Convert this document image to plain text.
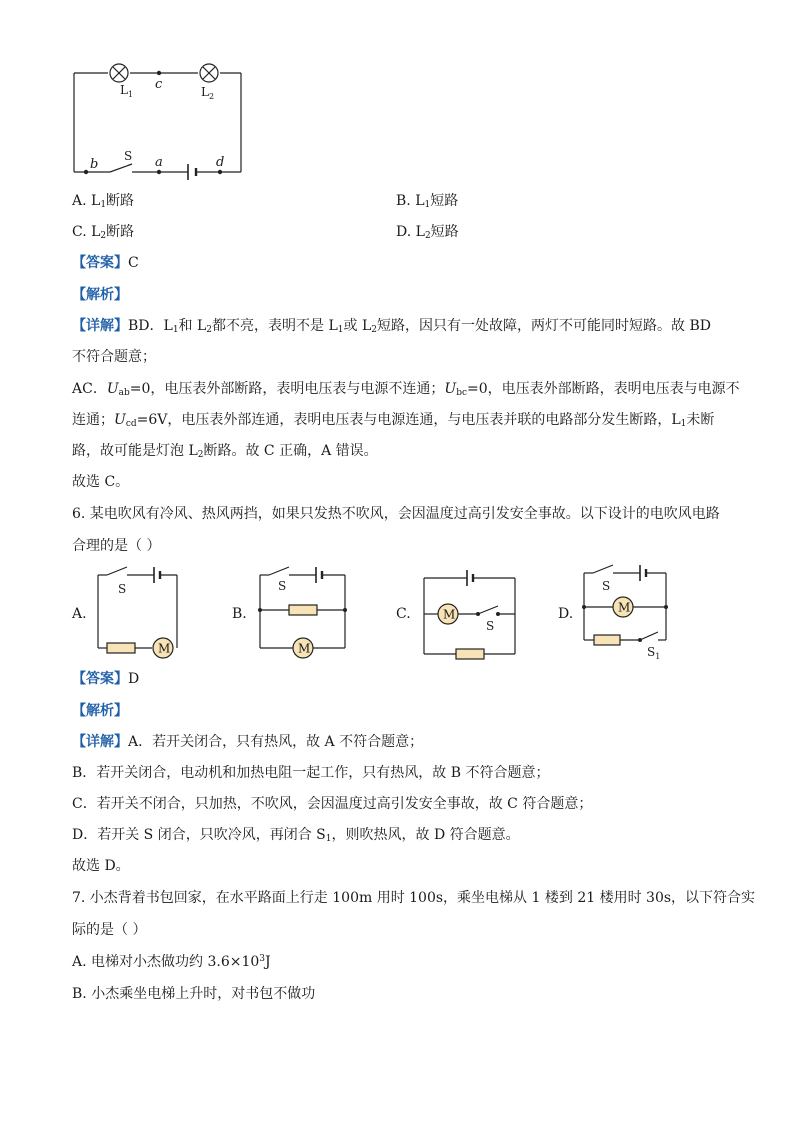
$L_1$
c	$L_2$
b
S a	d
A. $L_1$断路	B. $L_1$短路
C. $L_2$断路	D. $L_2$短路
【答案】C
【解析】
【详解】BD．$L_1$和 $L_2$都不亮，表明不是 $L_1$或 $L_2$短路，因只有一处故障，两灯不可能同时短路。故 BD
不符合题意；
AC．$U_{ab}=0$，电压表外部断路，表明电压表与电源不连通；$U_{bc}=0$，电压表外部断路，表明电压表与电源不
连通；$U_{cd}=6V$，电压表外部连通，表明电压表与电源连通，与电压表并联的电路部分发生断路，$L_1$未断
路，故可能是灯泡 $L_2$断路。故 C 正确，A 错误。
故选 C。
6. 某电吹风有冷风、热风两挡，如果只发热不吹风，会因温度过高引发安全事故。以下设计的电吹风电路
合理的是（ ）
A.
M
S
B.
M
S
C.	M
S
D.	M
S
$S_1$
【答案】D
【解析】
【详解】A．若开关闭合，只有热风，故 A 不符合题意；
B．若开关闭合，电动机和加热电阻一起工作，只有热风，故 B 不符合题意；
C．若开关不闭合，只加热，不吹风，会因温度过高引发安全事故，故 C 符合题意；
D．若开关 S 闭合，只吹冷风，再闭合 $S_1$，则吹热风，故 D 符合题意。
故选 D。
7. 小杰背着书包回家，在水平路面上行走 100m 用时 100s，乘坐电梯从 1 楼到 21 楼用时 30s，以下符合实
际的是（ ）
A. 电梯对小杰做功约 $3.6\times 10^3J$
B. 小杰乘坐电梯上升时，对书包不做功
